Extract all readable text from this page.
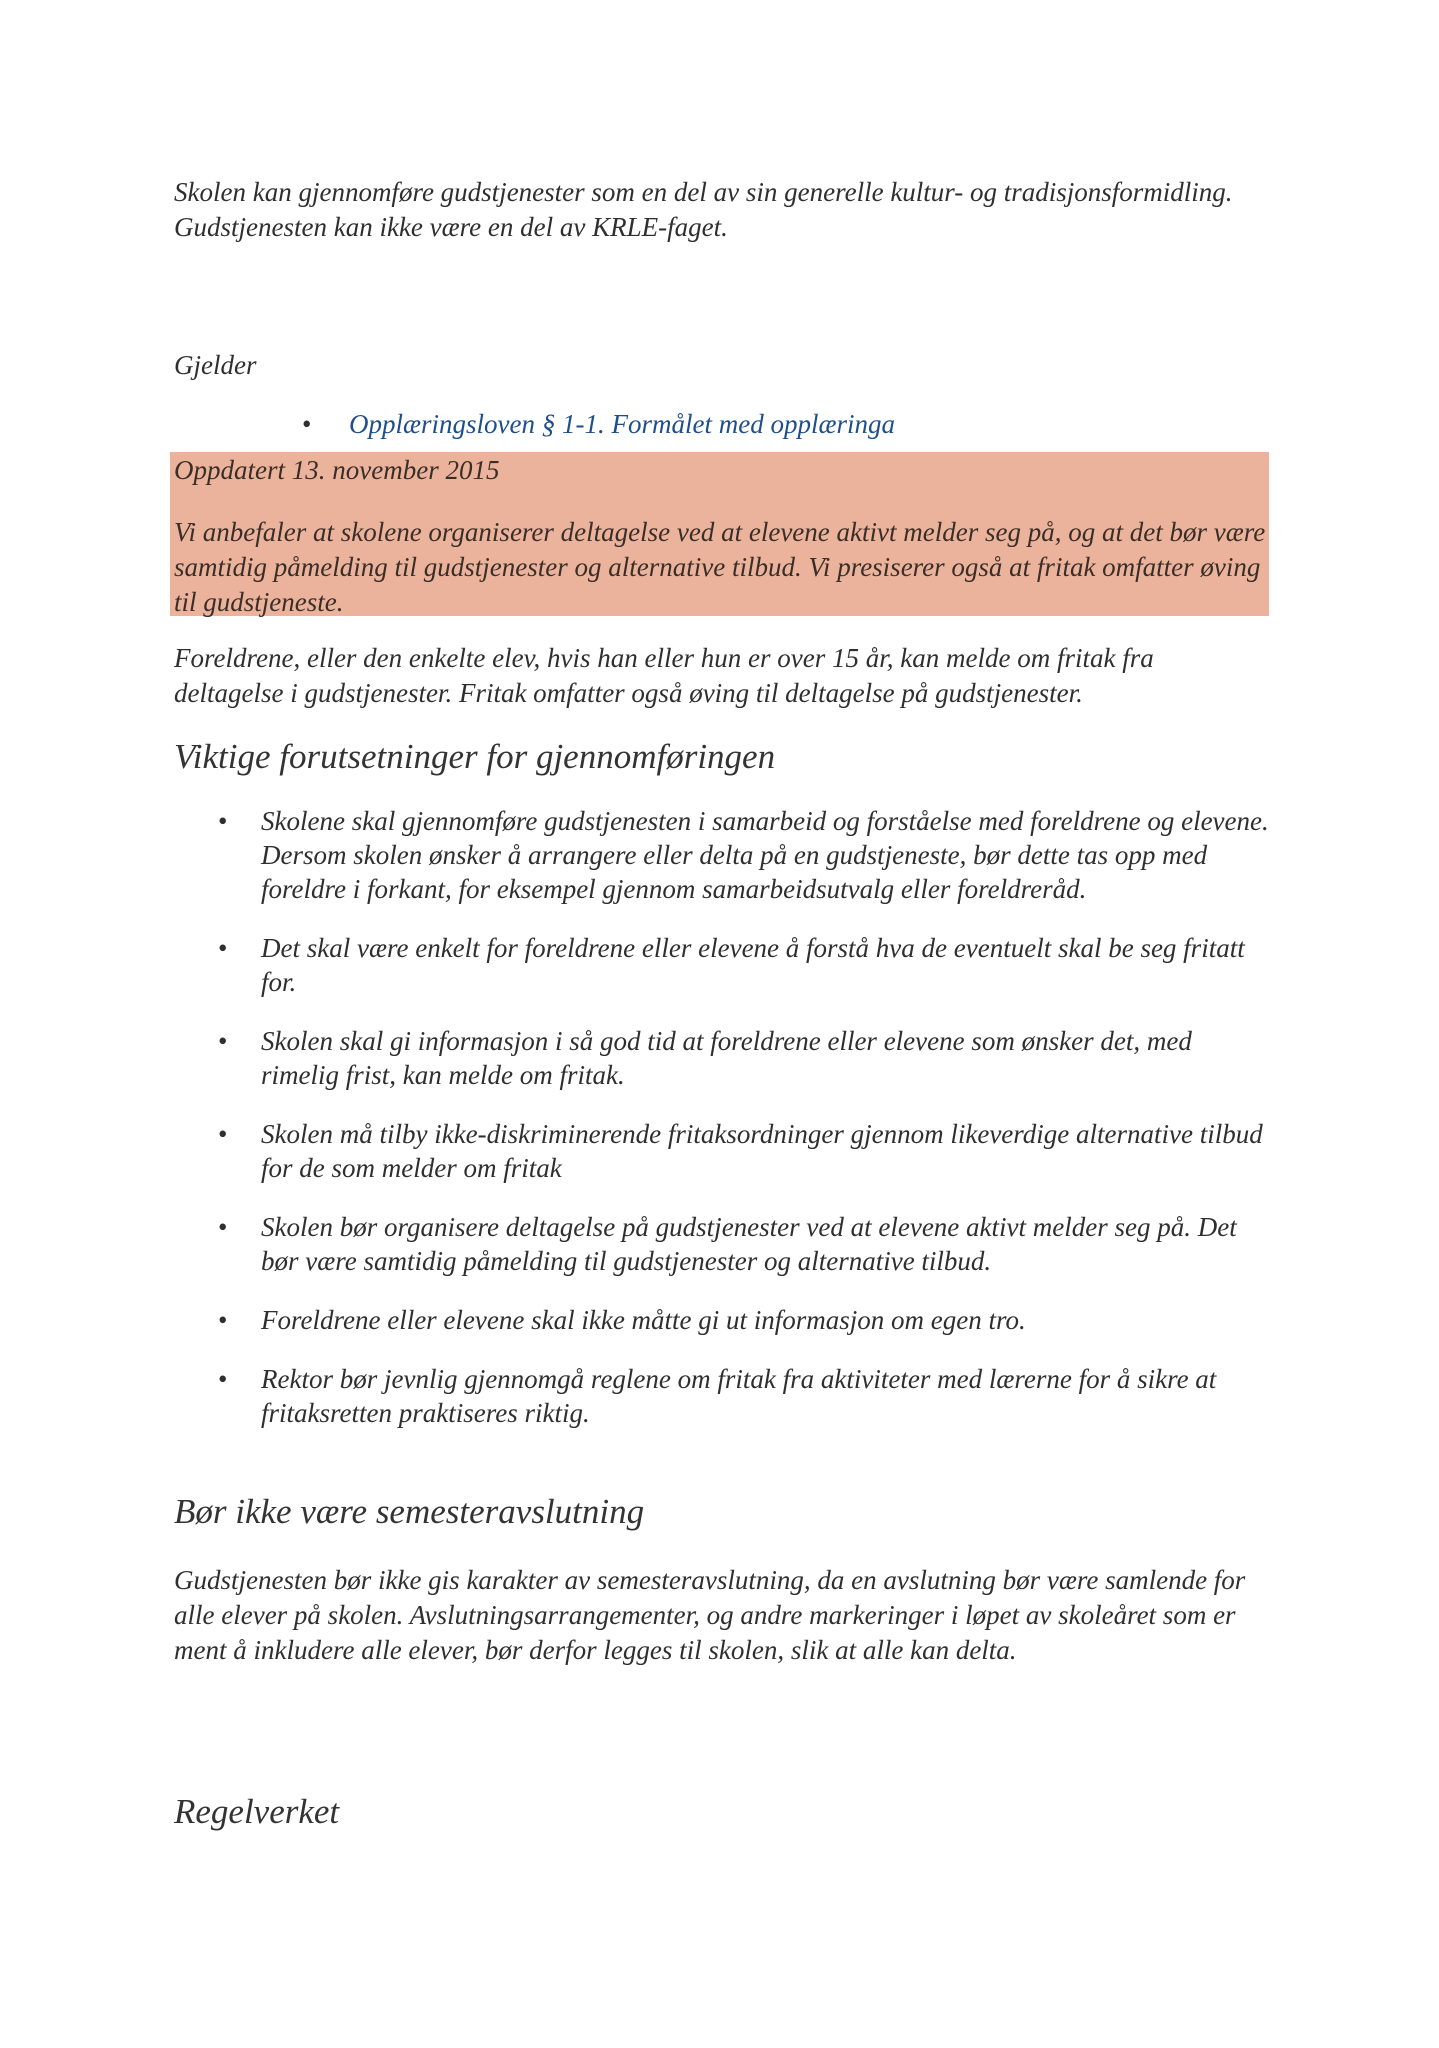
Skolen kan gjennomføre gudstjenester som en del av sin generelle kultur- og tradisjonsformidling. Gudstjenesten kan ikke være en del av KRLE-faget.

Gjelder

• Opplæringsloven § 1-1. Formålet med opplæringa

Oppdatert 13. november 2015

Vi anbefaler at skolene organiserer deltagelse ved at elevene aktivt melder seg på, og at det bør være samtidig påmelding til gudstjenester og alternative tilbud. Vi presiserer også at fritak omfatter øving til gudstjeneste.

Foreldrene, eller den enkelte elev, hvis han eller hun er over 15 år, kan melde om fritak fra deltagelse i gudstjenester. Fritak omfatter også øving til deltagelse på gudstjenester.

Viktige forutsetninger for gjennomføringen
• Skolene skal gjennomføre gudstjenesten i samarbeid og forståelse med foreldrene og elevene. Dersom skolen ønsker å arrangere eller delta på en gudstjeneste, bør dette tas opp med foreldre i forkant, for eksempel gjennom samarbeidsutvalg eller foreldreråd.
• Det skal være enkelt for foreldrene eller elevene å forstå hva de eventuelt skal be seg fritatt for.
• Skolen skal gi informasjon i så god tid at foreldrene eller elevene som ønsker det, med rimelig frist, kan melde om fritak.
• Skolen må tilby ikke-diskriminerende fritaksordninger gjennom likeverdige alternative tilbud for de som melder om fritak
• Skolen bør organisere deltagelse på gudstjenester ved at elevene aktivt melder seg på. Det bør være samtidig påmelding til gudstjenester og alternative tilbud.
• Foreldrene eller elevene skal ikke måtte gi ut informasjon om egen tro.
• Rektor bør jevnlig gjennomgå reglene om fritak fra aktiviteter med lærerne for å sikre at fritaksretten praktiseres riktig.
Bør ikke være semesteravslutning

Gudstjenesten bør ikke gis karakter av semesteravslutning, da en avslutning bør være samlende for alle elever på skolen. Avslutningsarrangementer, og andre markeringer i løpet av skoleåret som er ment å inkludere alle elever, bør derfor legges til skolen, slik at alle kan delta.

Regelverket
